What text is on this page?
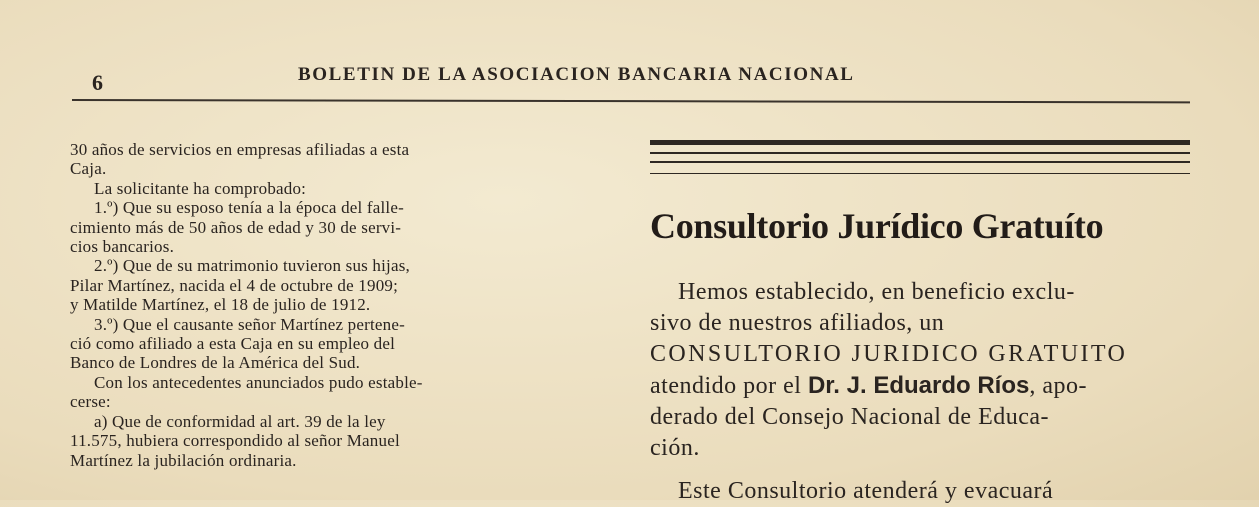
6	BOLETIN DE LA ASOCIACION BANCARIA NACIONAL
30 años de servicios en empresas afiliadas a esta
Caja.
La solicitante ha comprobado:
1.º) Que su esposo tenía a la época del falle-
cimiento más de 50 años de edad y 30 de servi-
cios bancarios.
2.º) Que de su matrimonio tuvieron sus hijas,
Pilar Martínez, nacida el 4 de octubre de 1909;
y Matilde Martínez, el 18 de julio de 1912.
3.º) Que el causante señor Martínez pertene-
ció como afiliado a esta Caja en su empleo del
Banco de Londres de la América del Sud.
Con los antecedentes anunciados pudo estable-
cerse:
a) Que de conformidad al art. 39 de la ley
11.575, hubiera correspondido al señor Manuel
Martínez la jubilación ordinaria.
Consultorio Jurídico Gratuíto
Hemos establecido, en beneficio exclu-
sivo de nuestros afiliados, un
CONSULTORIO JURIDICO GRATUITO
atendido por el Dr. J. Eduardo Ríos, apo-
derado del Consejo Nacional de Educa-
ción.
Este Consultorio atenderá y evacuará
